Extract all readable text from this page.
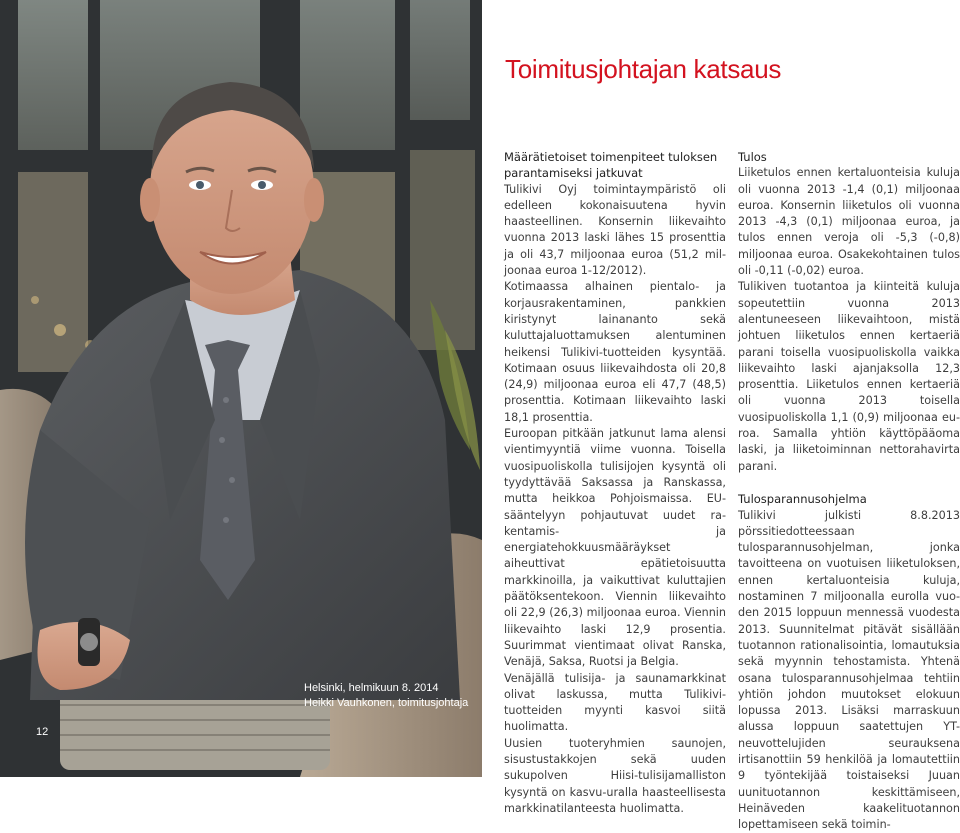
Helsinki, helmikuun 8. 2014
Heikki Vauhkonen, toimitusjohtaja
12
Toimitusjohtajan katsaus
Määrätietoiset toimenpiteet tuloksen parantamiseksi jatkuvat

Tulikivi Oyj toimintaympäristö oli edelleen kokonaisuutena hyvin haasteellinen. Konsernin liikevaihto vuonna 2013 laski lähes 15 prosenttia ja oli 43,7 miljoonaa euroa (51,2 miljoonaa euroa 1-12/2012).

Kotimaassa alhainen pientalo- ja korjausrakentaminen, pankkien kiristynyt lainananto sekä kuluttajaluottamuksen alentuminen heikensi Tulikivi-tuotteiden kysyntää. Kotimaan osuus liikevaihdosta oli 20,8 (24,9) miljoonaa euroa eli 47,7 (48,5) prosenttia. Kotimaan liikevaihto laski 18,1 prosenttia.

Euroopan pitkään jatkunut lama alensi vientimyyntiä viime vuonna. Toisella vuosipuoliskolla tulisijojen kysyntä oli tyydyttävää Saksassa ja Ranskassa, mutta heikkoa Pohjoismaissa. EU-sääntelyyn pohjautuvat uudet rakentamis- ja energiatehokkuusmääräykset aiheuttivat epätietoisuutta markkinoilla, ja vaikuttivat kuluttajien päätöksentekoon. Viennin liikevaihto oli 22,9 (26,3) miljoonaa euroa. Viennin liikevaihto laski 12,9 prosentia. Suurimmat vientimaat olivat Ranska, Venäjä, Saksa, Ruotsi ja Belgia.

Venäjällä tulisija- ja saunamarkkinat olivat laskussa, mutta Tulikivi-tuotteiden myynti kasvoi siitä huolimatta.

Uusien tuoteryhmien saunojen, sisustustakkojen sekä uuden sukupolven Hiisi-tulisijamalliston kysyntä on kasvu-uralla haasteellisesta markkinatilanteesta huolimatta.

Tulos

Liiketulos ennen kertaluonteisia kuluja oli vuonna 2013 -1,4 (0,1) miljoonaa euroa. Konsernin liiketulos oli vuonna 2013 -4,3 (0,1) miljoonaa euroa, ja tulos ennen veroja oli -5,3 (-0,8) miljoonaa euroa. Osakekohtainen tulos oli -0,11 (-0,02) euroa.

Tulikiven tuotantoa ja kiinteitä kuluja sopeutettiin vuonna 2013 alentuneeseen liikevaihtoon, mistä johtuen liiketulos ennen kertaeriä parani toisella vuosipuoliskolla vaikka liikevaihto laski ajanjaksolla 12,3 prosenttia. Liiketulos ennen kertaeriä oli vuonna 2013 toisella vuosipuoliskolla 1,1 (0,9) miljoonaa euroa. Samalla yhtiön käyttöpääoma laski, ja liiketoiminnan nettorahavirta parani.

Tulosparannusohjelma

Tulikivi julkisti 8.8.2013 pörssitiedotteessaan tulosparannusohjelman, jonka tavoitteena on vuotuisen liiketuloksen, ennen kertaluonteisia kuluja, nostaminen 7 miljoonalla eurolla vuoden 2015 loppuun mennessä vuodesta 2013. Suunnitelmat pitävät sisällään tuotannon rationalisointia, lomautuksia sekä myynnin tehostamista. Yhtenä osana tulosparannusohjelmaa tehtiin yhtiön johdon muutokset elokuun lopussa 2013. Lisäksi marraskuun alussa loppuun saatettujen YT-neuvottelujiden seurauksena irtisanottiin 59 henkilöä ja lomautettiin 9 työntekijää toistaiseksi Juuan uunituotannon keskittämiseen, Heinäveden kaakelituotannon lopettamiseen sekä toimin-
